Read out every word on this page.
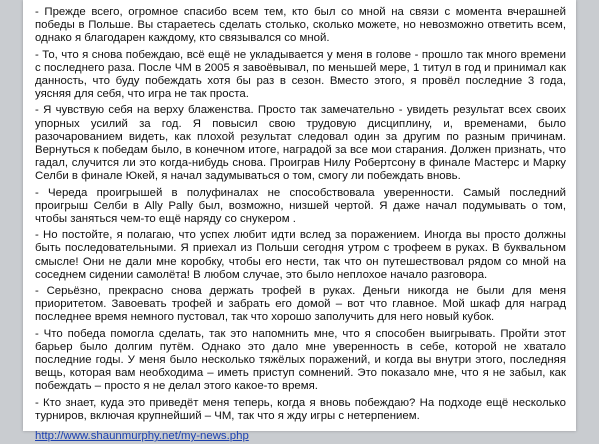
- Прежде всего, огромное спасибо всем тем, кто был со мной на связи с момента вчерашней победы в Польше. Вы стараетесь сделать столько, сколько можете, но невозможно ответить всем, однако я благодарен каждому, кто связывался со мной.

- То, что я снова побеждаю, всё ещё не укладывается у меня в голове - прошло так много времени с последнего раза. После ЧМ в 2005 я завоёвывал, по меньшей мере, 1 титул в год и принимал как данность, что буду побеждать хотя бы раз в сезон. Вместо этого, я провёл последние 3 года, уясняя для себя, что игра не так проста.

- Я чувствую себя на верху блаженства. Просто так замечательно - увидеть результат всех своих упорных усилий за год. Я повысил свою трудовую дисциплину, и, временами, было разочарованием видеть, как плохой результат следовал один за другим по разным причинам. Вернуться к победам было, в конечном итоге, наградой за все мои старания. Должен признать, что гадал, случится ли это когда-нибудь снова. Проиграв Нилу Робертсону в финале Мастерс и Марку Селби в финале Юкей, я начал задумываться о том, смогу ли побеждать вновь.

- Череда проигрышей в полуфиналах не способствовала уверенности. Самый последний проигрыш Селби в Ally Pally был, возможно, низшей чертой. Я даже начал подумывать о том, чтобы заняться чем-то ещё наряду со снукером .

- Но постойте, я полагаю, что успех любит идти вслед за поражением. Иногда вы просто должны быть последовательными. Я приехал из Польши сегодня утром с трофеем в руках. В буквальном смысле! Они не дали мне коробку, чтобы его нести, так что он путешествовал рядом со мной на соседнем сидении самолёта! В любом случае, это было неплохое начало разговора.

- Серьёзно, прекрасно снова держать трофей в руках. Деньги никогда не были для меня приоритетом. Завоевать трофей и забрать его домой – вот что главное. Мой шкаф для наград последнее время немного пустовал, так что хорошо заполучить для него новый кубок.

- Что победа помогла сделать, так это напомнить мне, что я способен выигрывать. Пройти этот барьер было долгим путём. Однако это дало мне уверенность в себе, которой не хватало последние годы. У меня было несколько тяжёлых поражений, и когда вы внутри этого, последняя вещь, которая вам необходима – иметь приступ сомнений. Это показало мне, что я не забыл, как побеждать – просто я не делал этого какое-то время.

- Кто знает, куда это приведёт меня теперь, когда я вновь побеждаю? На подходе ещё несколько турниров, включая крупнейший – ЧМ, так что я жду игры с нетерпением.

http://www.shaunmurphy.net/my-news.php
